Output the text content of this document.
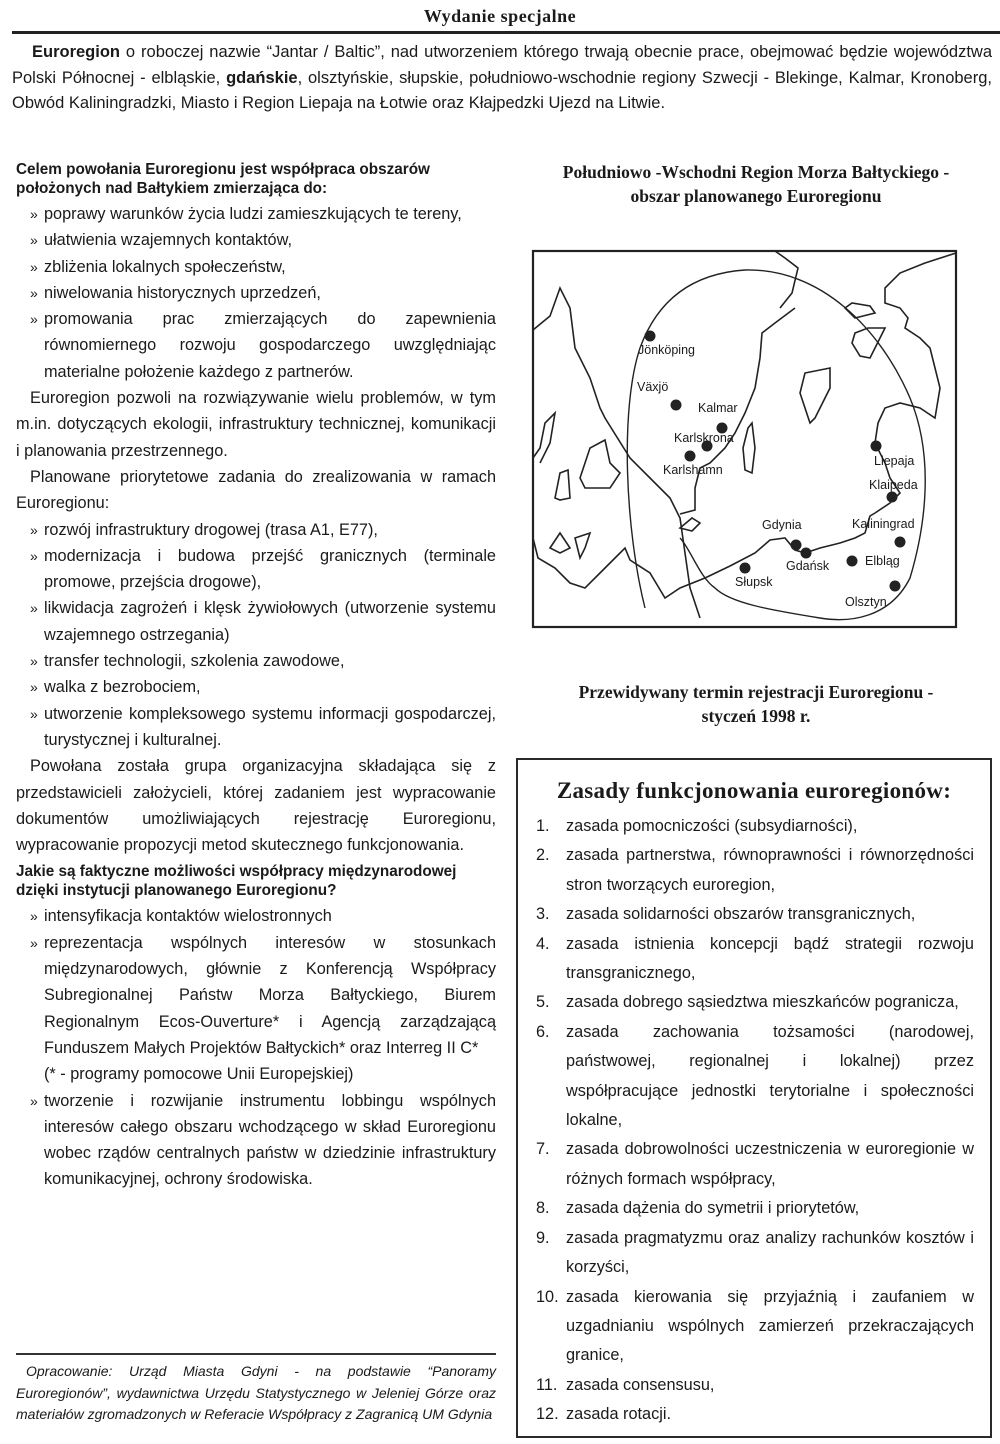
Wydanie specjalne

Euroregion o roboczej nazwie “Jantar / Baltic”, nad utworzeniem którego trwają obecnie prace, obejmować będzie województwa Polski Północnej - elbląskie, gdańskie, olsztyńskie, słupskie, południowo-wschodnie regiony Szwecji - Blekinge, Kalmar, Kronoberg, Obwód Kaliningradzki, Miasto i Region Liepaja na Łotwie oraz Kłajpedzki Ujezd na Litwie.

Celem powołania Euroregionu jest współpraca obszarów położonych nad Bałtykiem zmierzająca do:
» poprawy warunków życia ludzi zamieszkujących te tereny,
» ułatwienia wzajemnych kontaktów,
» zbliżenia lokalnych społeczeństw,
» niwelowania historycznych uprzedzeń,
» promowania prac zmierzających do zapewnienia równomiernego rozwoju gospodarczego uwzględniając materialne położenie każdego z partnerów.

Euroregion pozwoli na rozwiązywanie wielu problemów, w tym m.in. dotyczących ekologii, infrastruktury technicznej, komunikacji i planowania przestrzennego.

Planowane priorytetowe zadania do zrealizowania w ramach Euroregionu:

» rozwój infrastruktury drogowej (trasa A1, E77),
» modernizacja i budowa przejść granicznych (terminale promowe, przejścia drogowe),
» likwidacja zagrożeń i klęsk żywiołowych (utworzenie systemu wzajemnego ostrzegania)
» transfer technologii, szkolenia zawodowe,
» walka z bezrobociem,
» utworzenie kompleksowego systemu informacji gospodarczej, turystycznej i kulturalnej.

Powołana została grupa organizacyjna składająca się z przedstawicieli założycieli, której zadaniem jest wypracowanie dokumentów umożliwiających rejestrację Euroregionu, wypracowanie propozycji metod skutecznego funkcjonowania.

Jakie są faktyczne możliwości współpracy międzynarodowej dzięki instytucji planowanego Euroregionu?
» intensyfikacja kontaktów wielostronnych
» reprezentacja wspólnych interesów w stosunkach międzynarodowych, głównie z Konferencją Współpracy Subregionalnej Państw Morza Bałtyckiego, Biurem Regionalnym Ecos-Ouverture* i Agencją zarządzającą Funduszem Małych Projektów Bałtyckich* oraz Interreg II C*
(* - programy pomocowe Unii Europejskiej)
» tworzenie i rozwijanie instrumentu lobbingu wspólnych interesów całego obszaru wchodzącego w skład Euroregionu wobec rządów centralnych państw w dziedzinie infrastruktury komunikacyjnej, ochrony środowiska.
Opracowanie: Urząd Miasta Gdyni - na podstawie “Panoramy Euroregionów”, wydawnictwa Urzędu Statystycznego w Jeleniej Górze oraz materiałów zgromadzonych w Referacie Współpracy z Zagranicą UM Gdynia
Południowo -Wschodni Region Morza Bałtyckiego -
obszar planowanego Euroregionu
Jönköping
Växjö
Kalmar
Karlskrona
Karlshamn
Liepaja
Klaipeda
Kaliningrad
Gdynia
Gdańsk	Elbląg
Słupsk
Olsztyn
Przewidywany termin rejestracji Euroregionu -
styczeń 1998 r.
Zasady funkcjonowania euroregionów:
1. zasada pomocniczości (subsydiarności),
2. zasada partnerstwa, równoprawności i równorzędności stron tworzących euroregion,
3. zasada solidarności obszarów transgranicznych,
4. zasada istnienia koncepcji bądź strategii rozwoju transgranicznego,
5. zasada dobrego sąsiedztwa mieszkańców pogranicza,
6. zasada zachowania tożsamości (narodowej, państwowej, regionalnej i lokalnej) przez współpracujące jednostki terytorialne i społeczności lokalne,
7. zasada dobrowolności uczestniczenia w euroregionie w różnych formach współpracy,
8. zasada dążenia do symetrii i priorytetów,
9. zasada pragmatyzmu oraz analizy rachunków kosztów i korzyści,
10. zasada kierowania się przyjaźnią i zaufaniem w uzgadnianiu wspólnych zamierzeń przekraczających granice,
11. zasada consensusu,
12. zasada rotacji.
